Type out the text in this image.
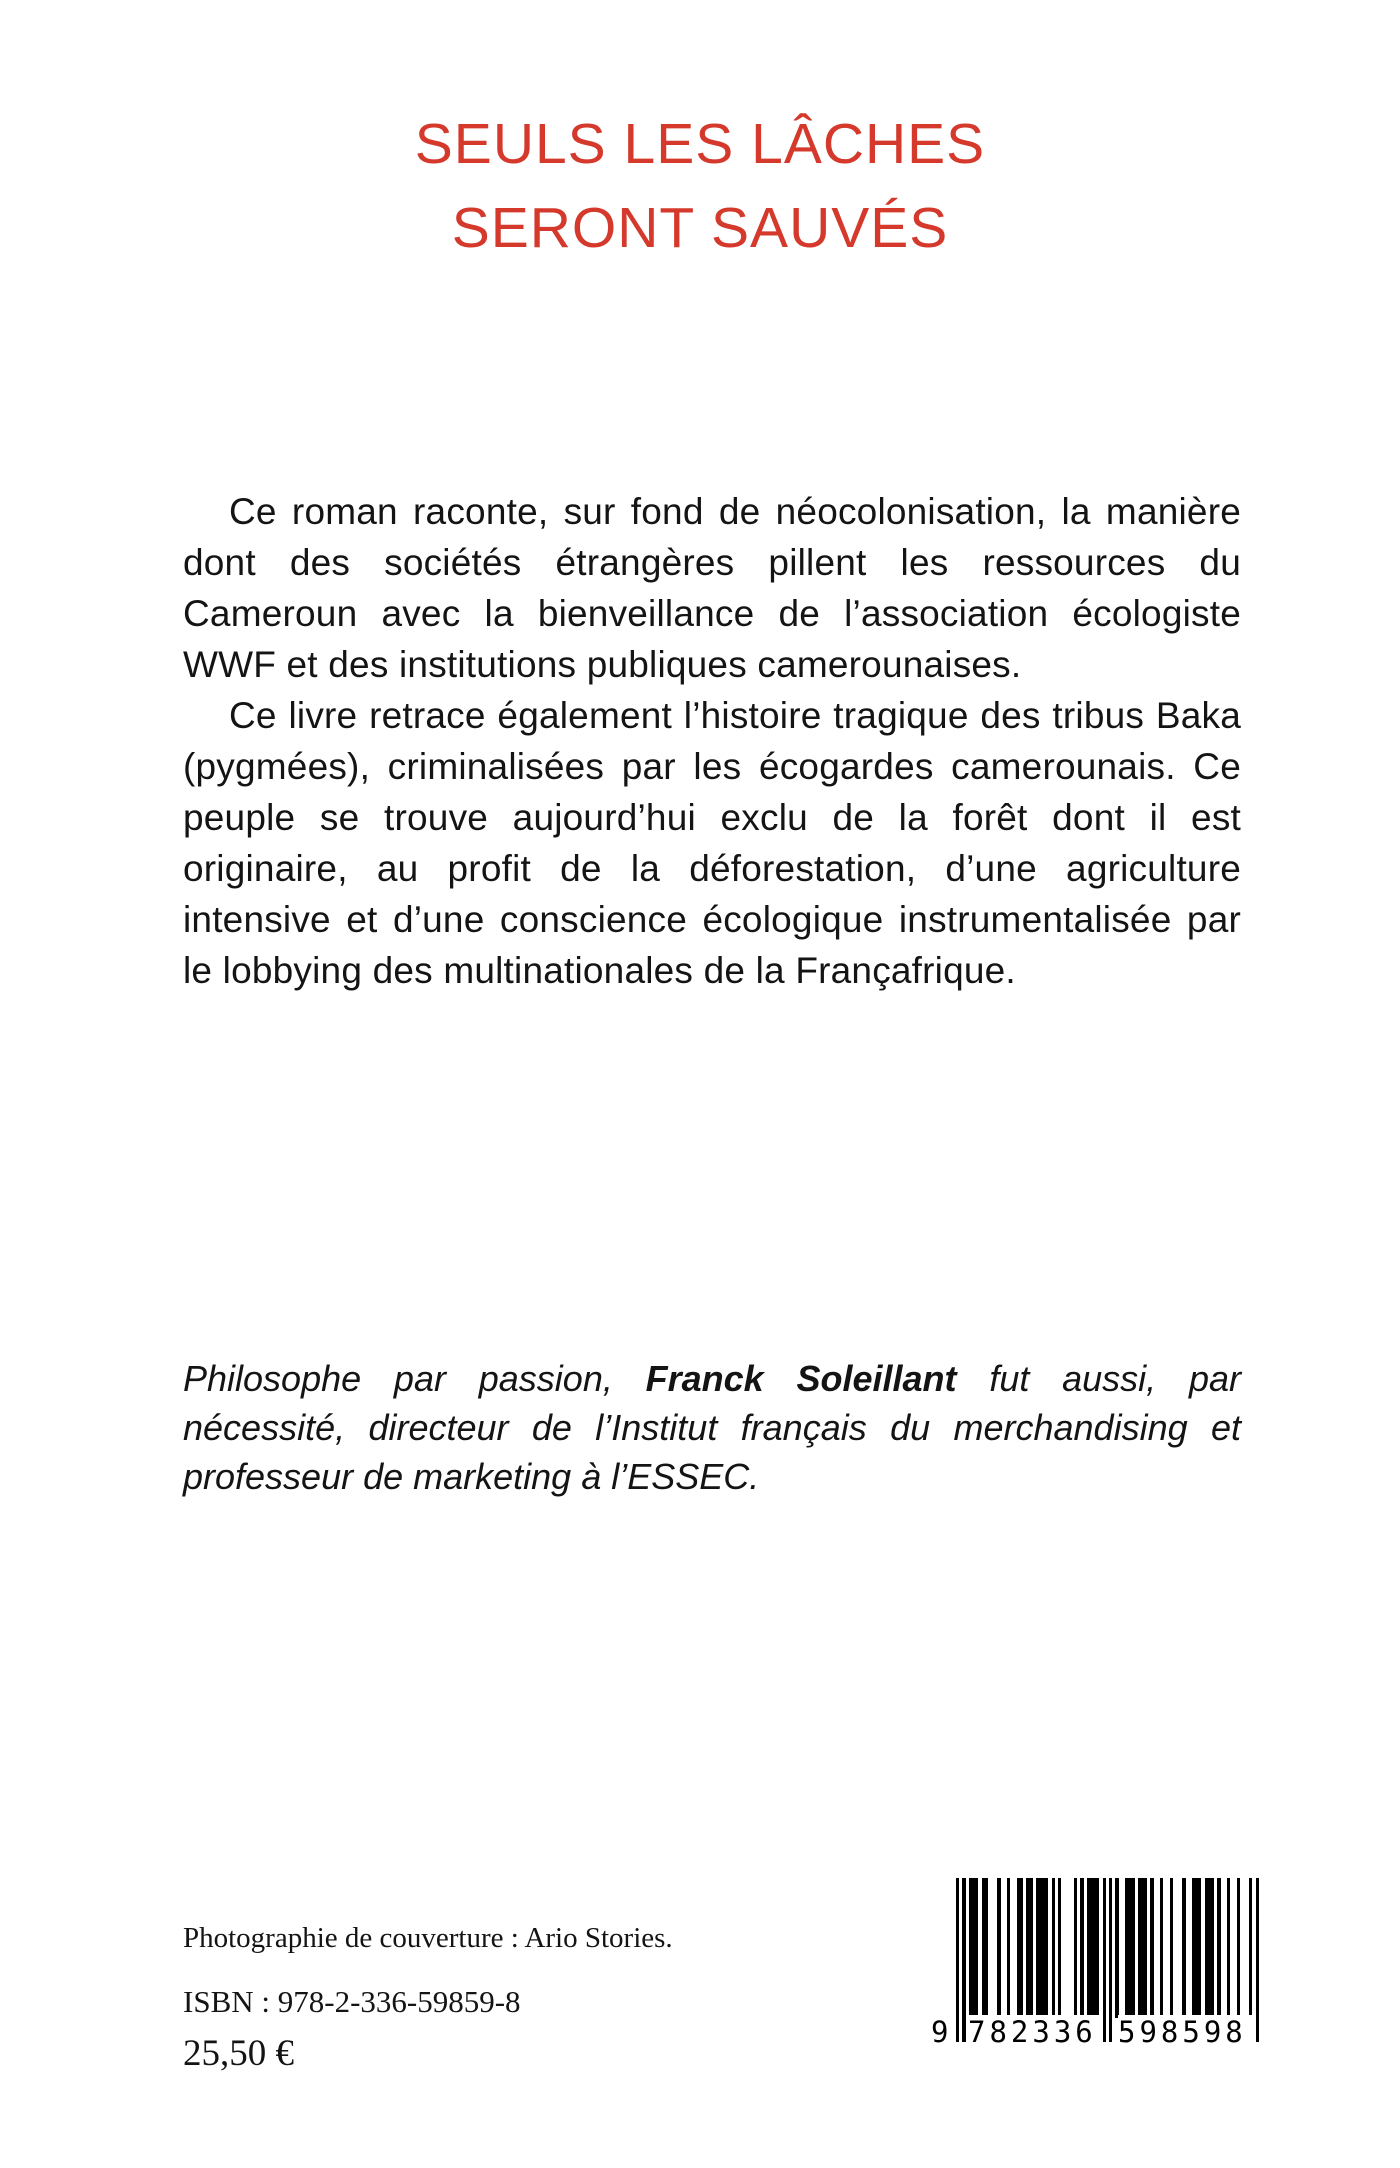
SEULS LES LÂCHES
SERONT SAUVÉS

Ce roman raconte, sur fond de néocolonisation, la manière dont des sociétés étrangères pillent les ressources du Cameroun avec la bienveillance de l’association écologiste WWF et des institutions publiques camerounaises.

Ce livre retrace également l’histoire tragique des tribus Baka (pygmées), criminalisées par les écogardes camerounais. Ce peuple se trouve aujourd’hui exclu de la forêt dont il est originaire, au profit de la déforestation, d’une agriculture intensive et d’une conscience écologique instrumentalisée par le lobbying des multinationales de la Françafrique.

Philosophe par passion, Franck Soleillant fut aussi, par nécessité, directeur de l’Institut français du merchandising et professeur de marketing à l’ESSEC.

Photographie de couverture : Ario Stories.
ISBN : 978-2-336-59859-8
25,50 €
9 782336 598598
